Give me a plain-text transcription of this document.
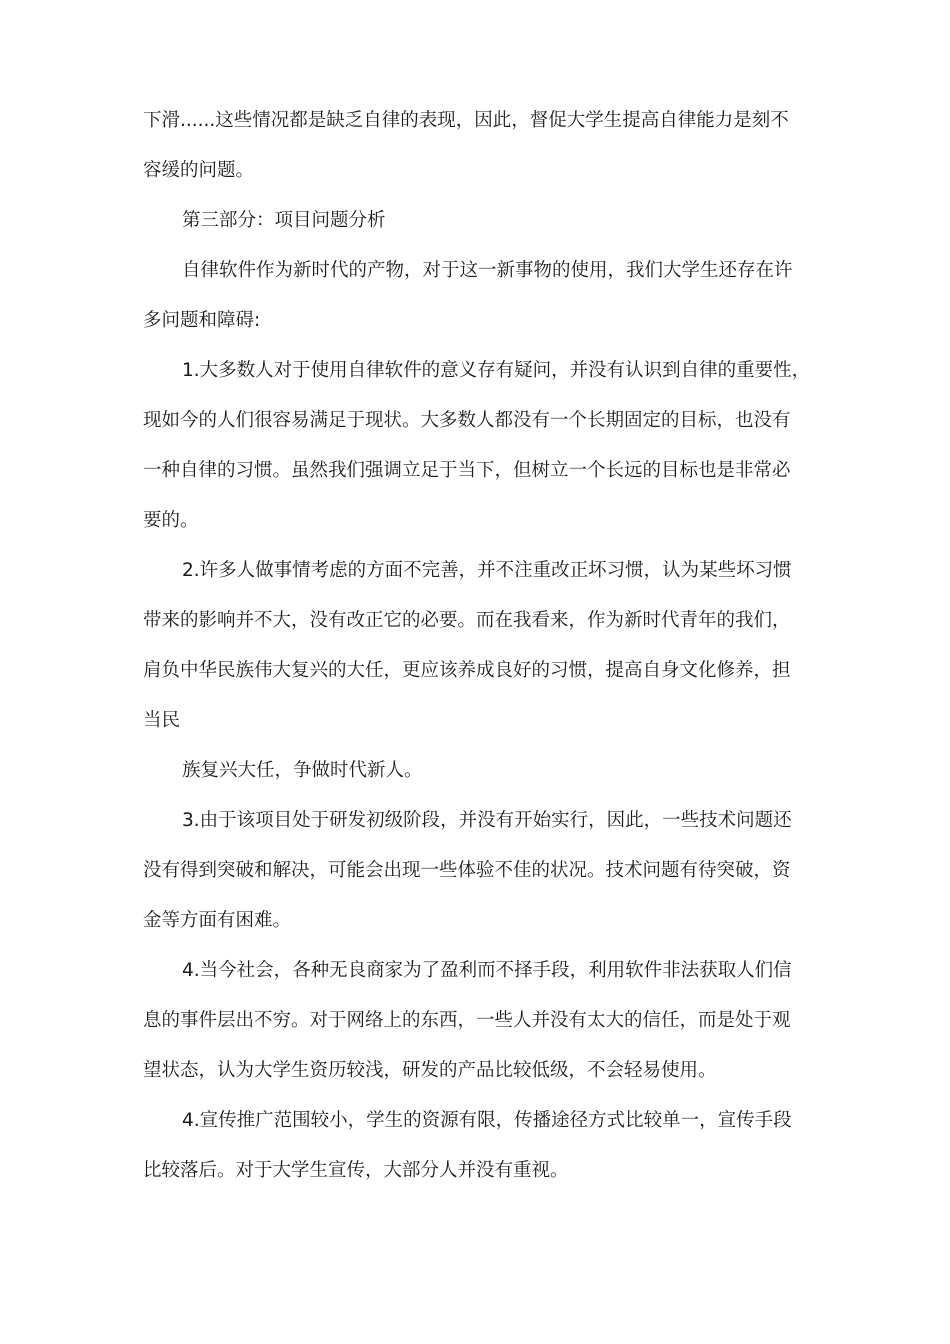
下滑......这些情况都是缺乏自律的表现，因此，督促大学生提高自律能力是刻不

容缓的问题。

第三部分：项目问题分析

自律软件作为新时代的产物，对于这一新事物的使用，我们大学生还存在许

多问题和障碍:

1.大多数人对于使用自律软件的意义存有疑问，并没有认识到自律的重要性，

现如今的人们很容易满足于现状。大多数人都没有一个长期固定的目标，也没有

一种自律的习惯。虽然我们强调立足于当下，但树立一个长远的目标也是非常必

要的。

2.许多人做事情考虑的方面不完善，并不注重改正坏习惯，认为某些坏习惯

带来的影响并不大，没有改正它的必要。而在我看来，作为新时代青年的我们，

肩负中华民族伟大复兴的大任，更应该养成良好的习惯，提高自身文化修养，担

当民

族复兴大任，争做时代新人。

3.由于该项目处于研发初级阶段，并没有开始实行，因此，一些技术问题还

没有得到突破和解决，可能会出现一些体验不佳的状况。技术问题有待突破，资

金等方面有困难。

4.当今社会，各种无良商家为了盈利而不择手段，利用软件非法获取人们信

息的事件层出不穷。对于网络上的东西，一些人并没有太大的信任，而是处于观

望状态，认为大学生资历较浅，研发的产品比较低级，不会轻易使用。

4.宣传推广范围较小，学生的资源有限，传播途径方式比较单一，宣传手段

比较落后。对于大学生宣传，大部分人并没有重视。
